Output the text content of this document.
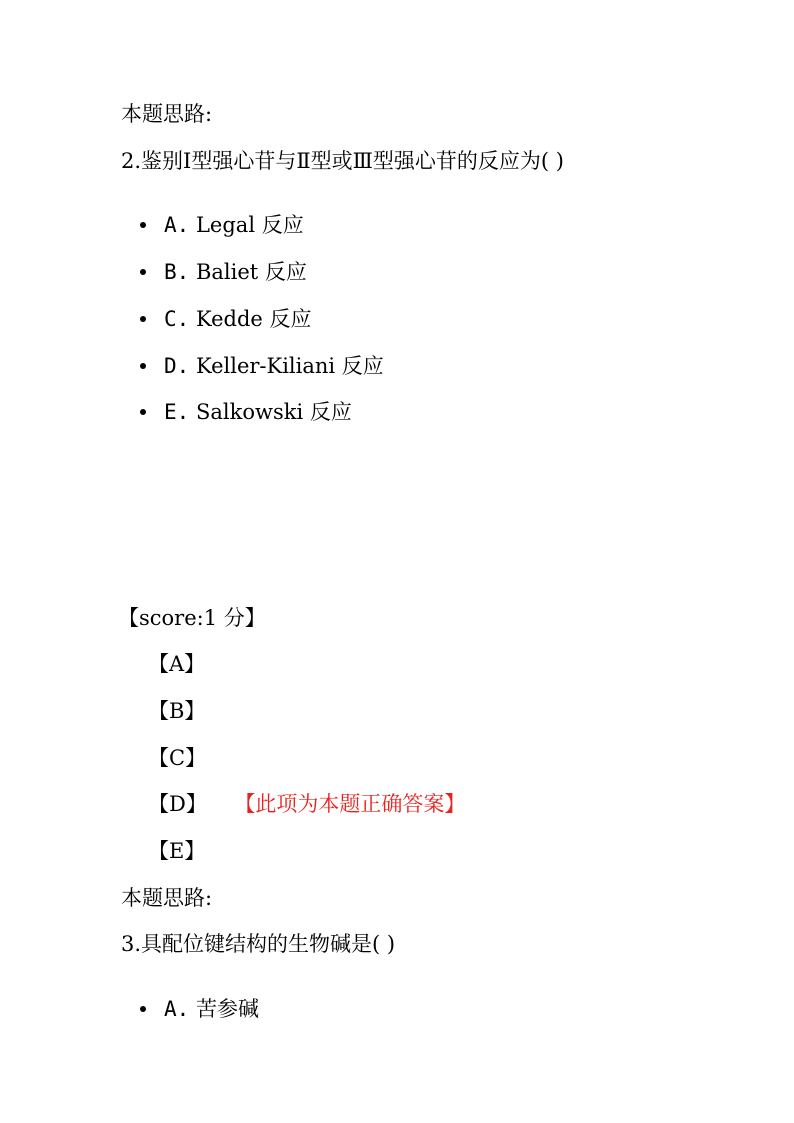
本题思路:
2.鉴别Ⅰ型强心苷与Ⅱ型或Ⅲ型强心苷的反应为( )
A. Legal 反应
B. Baliet 反应
C. Kedde 反应
D. Keller-Kiliani 反应
E. Salkowski 反应
【score:1 分】
【A】
【B】
【C】
【D】 【此项为本题正确答案】
【E】
本题思路:
3.具配位键结构的生物碱是( )
A. 苦参碱
